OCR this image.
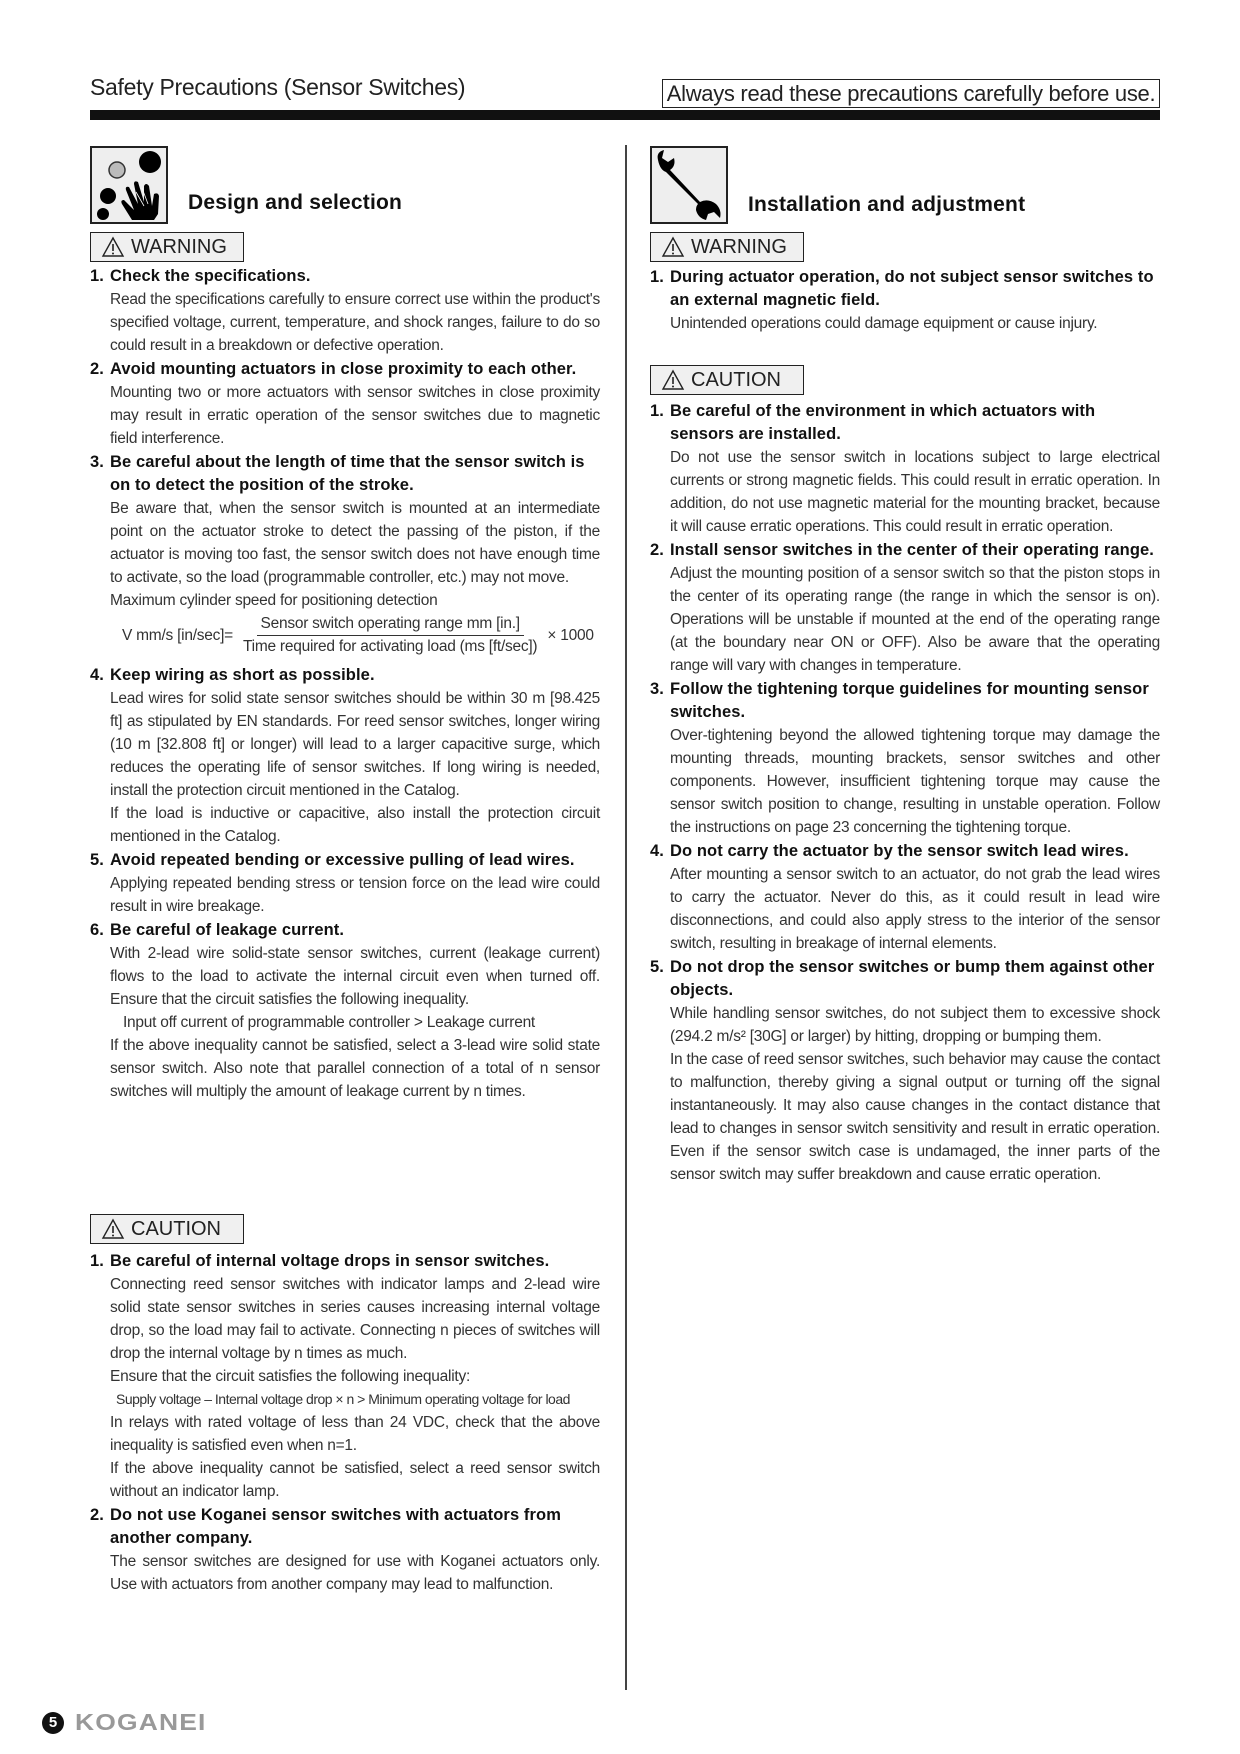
Safety Precautions (Sensor Switches)	Always read these precautions carefully before use.
Design and selection	Installation and adjustment
WARNING
CAUTION
WARNING
CAUTION
1. Check the specifications.
Read the specifications carefully to ensure correct use within the product's specified voltage, current, temperature, and shock ranges, failure to do so could result in a breakdown or defective operation.
2. Avoid mounting actuators in close proximity to each other.
Mounting two or more actuators with sensor switches in close proximity may result in erratic operation of the sensor switches due to magnetic field interference.
3. Be careful about the length of time that the sensor switch is on to detect the position of the stroke.
Be aware that, when the sensor switch is mounted at an intermediate point on the actuator stroke to detect the passing of the piston, if the actuator is moving too fast, the sensor switch does not have enough time to activate, so the load (programmable controller, etc.) may not move.
Maximum cylinder speed for positioning detection
V mm/s $[in/\sec]= \frac{\text{Sensor switch operating range mm [in.]}}{\text{Time required for activating load (ms [ft/sec])}} \times 1000$
4. Keep wiring as short as possible.
Lead wires for solid state sensor switches should be within 30 m [98.425 ft] as stipulated by EN standards. For reed sensor switches, longer wiring (10 m [32.808 ft] or longer) will lead to a larger capacitive surge, which reduces the operating life of sensor switches. If long wiring is needed, install the protection circuit mentioned in the Catalog.
If the load is inductive or capacitive, also install the protection circuit mentioned in the Catalog.
5. Avoid repeated bending or excessive pulling of lead wires.
Applying repeated bending stress or tension force on the lead wire could result in wire breakage.
6. Be careful of leakage current.
With 2-lead wire solid-state sensor switches, current (leakage current) flows to the load to activate the internal circuit even when turned off. Ensure that the circuit satisfies the following inequality.
Input off current of programmable controller > Leakage current
If the above inequality cannot be satisfied, select a 3-lead wire solid state sensor switch. Also note that parallel connection of a total of n sensor switches will multiply the amount of leakage current by n times.
1. Be careful of internal voltage drops in sensor switches.
Connecting reed sensor switches with indicator lamps and 2-lead wire solid state sensor switches in series causes increasing internal voltage drop, so the load may fail to activate. Connecting n pieces of switches will drop the internal voltage by n times as much.
Ensure that the circuit satisfies the following inequality:
Supply voltage – Internal voltage drop × n > Minimum operating voltage for load
In relays with rated voltage of less than 24 VDC, check that the above inequality is satisfied even when n=1.
If the above inequality cannot be satisfied, select a reed sensor switch without an indicator lamp.
2. Do not use Koganei sensor switches with actuators from another company.
The sensor switches are designed for use with Koganei actuators only. Use with actuators from another company may lead to malfunction.
1. During actuator operation, do not subject sensor switches to an external magnetic field.
Unintended operations could damage equipment or cause injury.
1. Be careful of the environment in which actuators with sensors are installed.
Do not use the sensor switch in locations subject to large electrical currents or strong magnetic fields. This could result in erratic operation. In addition, do not use magnetic material for the mounting bracket, because it will cause erratic operations. This could result in erratic operation.
2. Install sensor switches in the center of their operating range.
Adjust the mounting position of a sensor switch so that the piston stops in the center of its operating range (the range in which the sensor is on). Operations will be unstable if mounted at the end of the operating range (at the boundary near ON or OFF). Also be aware that the operating range will vary with changes in temperature.
3. Follow the tightening torque guidelines for mounting sensor switches.
Over-tightening beyond the allowed tightening torque may damage the mounting threads, mounting brackets, sensor switches and other components. However, insufficient tightening torque may cause the sensor switch position to change, resulting in unstable operation. Follow the instructions on page 23 concerning the tightening torque.
4. Do not carry the actuator by the sensor switch lead wires.
After mounting a sensor switch to an actuator, do not grab the lead wires to carry the actuator. Never do this, as it could result in lead wire disconnections, and could also apply stress to the interior of the sensor switch, resulting in breakage of internal elements.
5. Do not drop the sensor switches or bump them against other objects.
While handling sensor switches, do not subject them to excessive shock (294.2 m/s² [30G] or larger) by hitting, dropping or bumping them.
In the case of reed sensor switches, such behavior may cause the contact to malfunction, thereby giving a signal output or turning off the signal instantaneously. It may also cause changes in the contact distance that lead to changes in sensor switch sensitivity and result in erratic operation. Even if the sensor switch case is undamaged, the inner parts of the sensor switch may suffer breakdown and cause erratic operation.
5 KOGANEI
